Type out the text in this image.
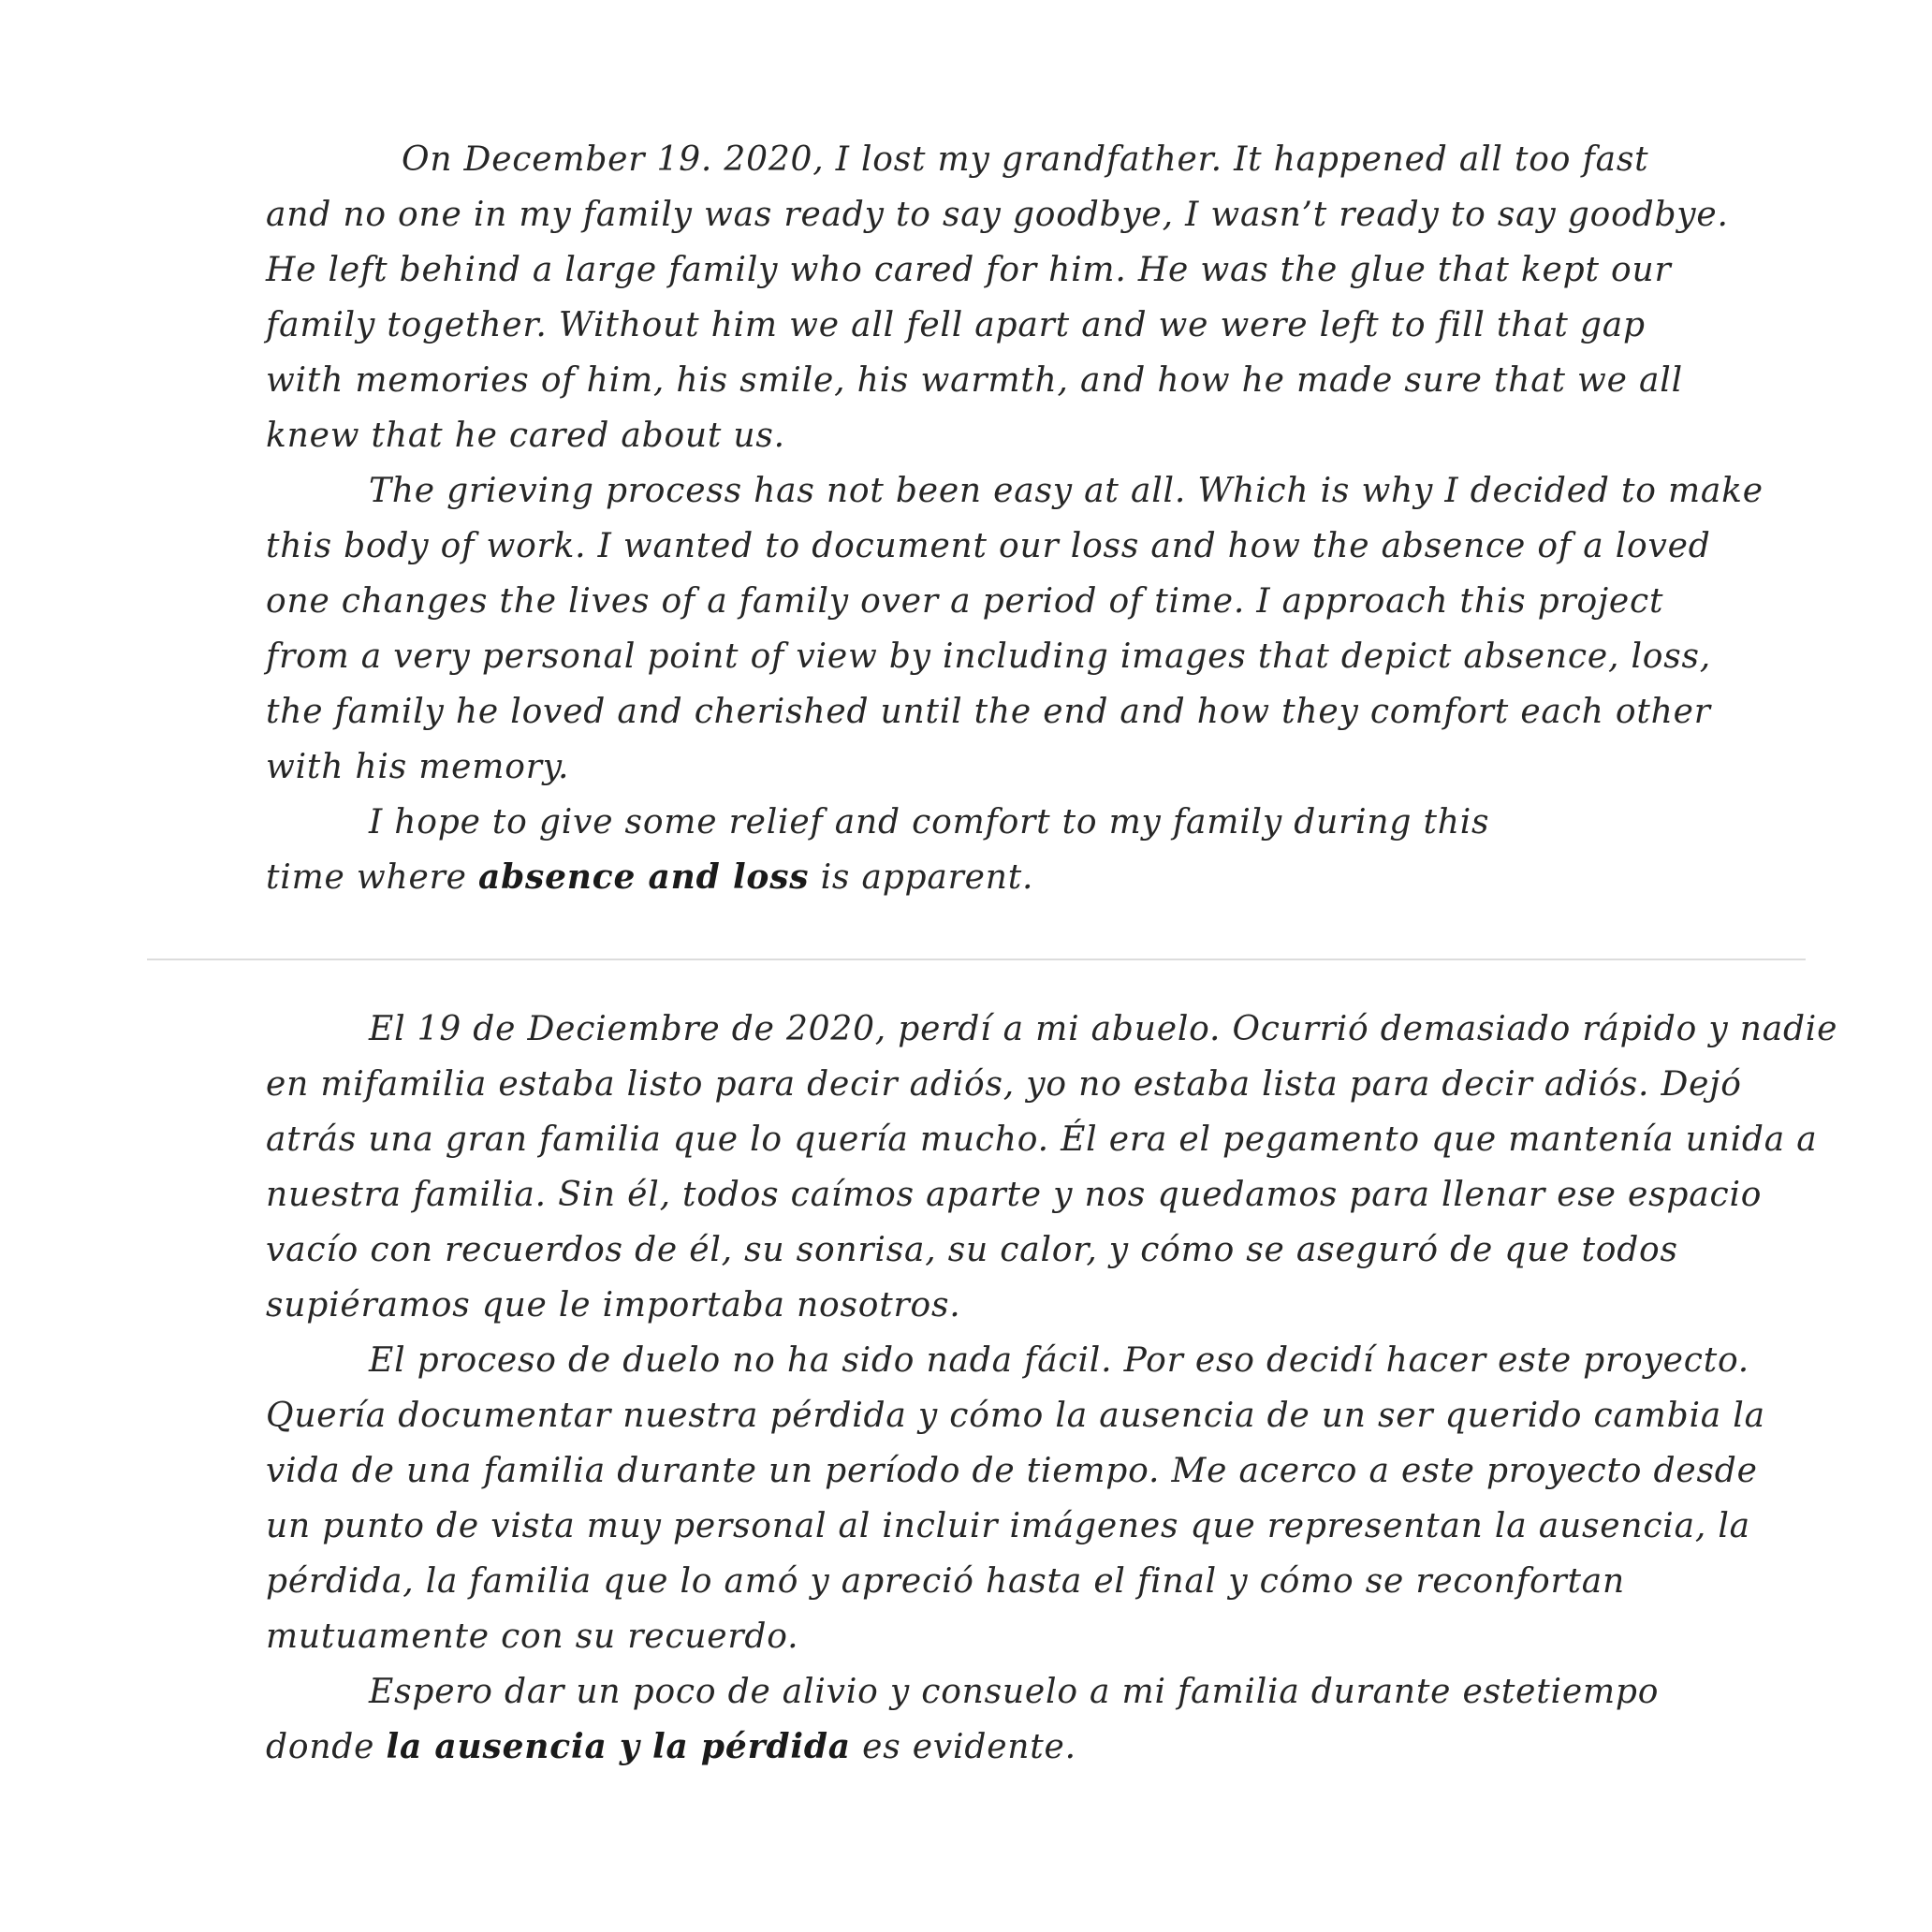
On December 19. 2020, I lost my grandfather. It happened all too fast
and no one in my family was ready to say goodbye, I wasn’t ready to say goodbye.
He left behind a large family who cared for him. He was the glue that kept our
family together. Without him we all fell apart and we were left to fill that gap
with memories of him, his smile, his warmth, and how he made sure that we all
knew that he cared about us.

The grieving process has not been easy at all. Which is why I decided to make
this body of work. I wanted to document our loss and how the absence of a loved
one changes the lives of a family over a period of time. I approach this project
from a very personal point of view by including images that depict absence, loss,
the family he loved and cherished until the end and how they comfort each other
with his memory.

I hope to give some relief and comfort to my family during this
time where absence and loss is apparent.

El 19 de Deciembre de 2020, perdí a mi abuelo. Ocurrió demasiado rápido y nadie
en mifamilia estaba listo para decir adiós, yo no estaba lista para decir adiós. Dejó
atrás una gran familia que lo quería mucho. Él era el pegamento que mantenía unida a
nuestra familia. Sin él, todos caímos aparte y nos quedamos para llenar ese espacio
vacío con recuerdos de él, su sonrisa, su calor, y cómo se aseguró de que todos
supiéramos que le importaba nosotros.

El proceso de duelo no ha sido nada fácil. Por eso decidí hacer este proyecto.
Quería documentar nuestra pérdida y cómo la ausencia de un ser querido cambia la
vida de una familia durante un período de tiempo. Me acerco a este proyecto desde
un punto de vista muy personal al incluir imágenes que representan la ausencia, la
pérdida, la familia que lo amó y apreció hasta el final y cómo se reconfortan
mutuamente con su recuerdo.

Espero dar un poco de alivio y consuelo a mi familia durante estetiempo
donde la ausencia y la pérdida es evidente.
